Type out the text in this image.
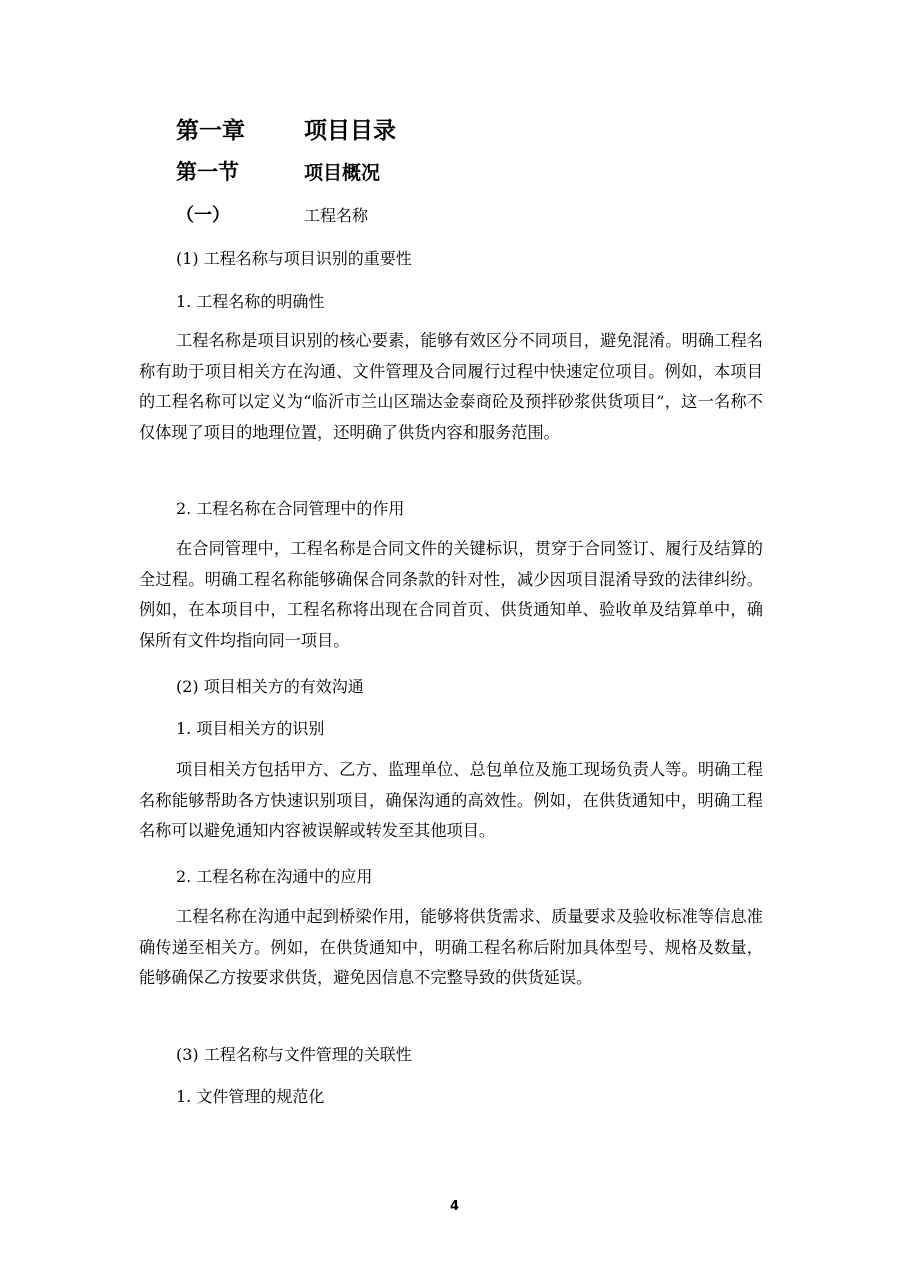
第一章	项目目录
第一节	项目概况
（一）	工程名称
(1) 工程名称与项目识别的重要性
1. 工程名称的明确性

工程名称是项目识别的核心要素，能够有效区分不同项目，避免混淆。明确工程名称有助于项目相关方在沟通、文件管理及合同履行过程中快速定位项目。例如，本项目的工程名称可以定义为“临沂市兰山区瑞达金泰商砼及预拌砂浆供货项目”，这一名称不仅体现了项目的地理位置，还明确了供货内容和服务范围。

2. 工程名称在合同管理中的作用

在合同管理中，工程名称是合同文件的关键标识，贯穿于合同签订、履行及结算的全过程。明确工程名称能够确保合同条款的针对性，减少因项目混淆导致的法律纠纷。例如，在本项目中，工程名称将出现在合同首页、供货通知单、验收单及结算单中，确保所有文件均指向同一项目。

(2) 项目相关方的有效沟通
1. 项目相关方的识别

项目相关方包括甲方、乙方、监理单位、总包单位及施工现场负责人等。明确工程名称能够帮助各方快速识别项目，确保沟通的高效性。例如，在供货通知中，明确工程名称可以避免通知内容被误解或转发至其他项目。

2. 工程名称在沟通中的应用

工程名称在沟通中起到桥梁作用，能够将供货需求、质量要求及验收标准等信息准确传递至相关方。例如，在供货通知中，明确工程名称后附加具体型号、规格及数量，能够确保乙方按要求供货，避免因信息不完整导致的供货延误。

(3) 工程名称与文件管理的关联性
1. 文件管理的规范化
4
